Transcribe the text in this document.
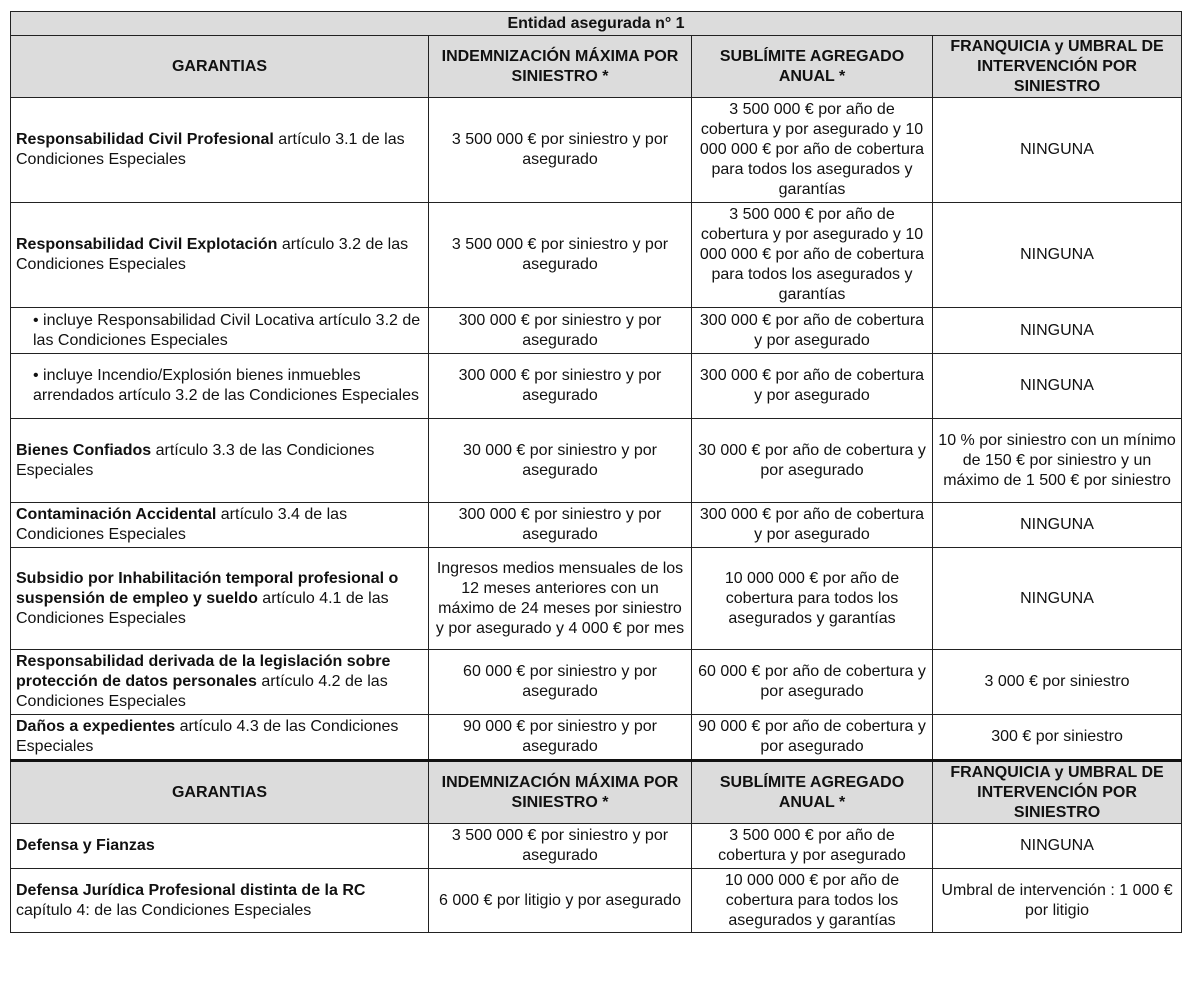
Entidad asegurada n° 1			
GARANTIAS	INDEMNIZACIÓN MÁXIMA POR SINIESTRO *	SUBLÍMITE AGREGADO ANUAL *	FRANQUICIA y UMBRAL DE INTERVENCIÓN POR SINIESTRO
Responsabilidad Civil Profesional artículo 3.1 de las Condiciones Especiales	3 500 000 € por siniestro y por asegurado	3 500 000 € por año de cobertura y por asegurado y 10 000 000 € por año de cobertura para todos los asegurados y garantías	NINGUNA
Responsabilidad Civil Explotación artículo 3.2 de las Condiciones Especiales	3 500 000 € por siniestro y por asegurado	3 500 000 € por año de cobertura y por asegurado y 10 000 000 € por año de cobertura para todos los asegurados y garantías	NINGUNA
• incluye Responsabilidad Civil Locativa artículo 3.2 de las Condiciones Especiales	300 000 € por siniestro y por asegurado	300 000 € por año de cobertura y por asegurado	NINGUNA
• incluye Incendio/Explosión bienes inmuebles arrendados artículo 3.2 de las Condiciones Especiales	300 000 € por siniestro y por asegurado	300 000 € por año de cobertura y por asegurado	NINGUNA
Bienes Confiados artículo 3.3 de las Condiciones Especiales	30 000 € por siniestro y por asegurado	30 000 € por año de cobertura y por asegurado	10 % por siniestro con un mínimo de 150 € por siniestro y un máximo de 1 500 € por siniestro
Contaminación Accidental artículo 3.4 de las Condiciones Especiales	300 000 € por siniestro y por asegurado	300 000 € por año de cobertura y por asegurado	NINGUNA
Subsidio por Inhabilitación temporal profesional o suspensión de empleo y sueldo artículo 4.1 de las Condiciones Especiales	Ingresos medios mensuales de los 12 meses anteriores con un máximo de 24 meses por siniestro y por asegurado y 4 000 € por mes	10 000 000 € por año de cobertura para todos los asegurados y garantías	NINGUNA
Responsabilidad derivada de la legislación sobre protección de datos personales artículo 4.2 de las Condiciones Especiales	60 000 € por siniestro y por asegurado	60 000 € por año de cobertura y por asegurado	3 000 € por siniestro
Daños a expedientes artículo 4.3 de las Condiciones Especiales	90 000 € por siniestro y por asegurado	90 000 € por año de cobertura y por asegurado	300 € por siniestro
GARANTIAS	INDEMNIZACIÓN MÁXIMA POR SINIESTRO *	SUBLÍMITE AGREGADO ANUAL *	FRANQUICIA y UMBRAL DE INTERVENCIÓN POR SINIESTRO
Defensa y Fianzas	3 500 000 € por siniestro y por asegurado	3 500 000 € por año de cobertura y por asegurado	NINGUNA
Defensa Jurídica Profesional distinta de la RC
capítulo 4: de las Condiciones Especiales	6 000 € por litigio y por asegurado	10 000 000 € por año de cobertura para todos los asegurados y garantías	Umbral de intervención : 1 000 € por litigio
